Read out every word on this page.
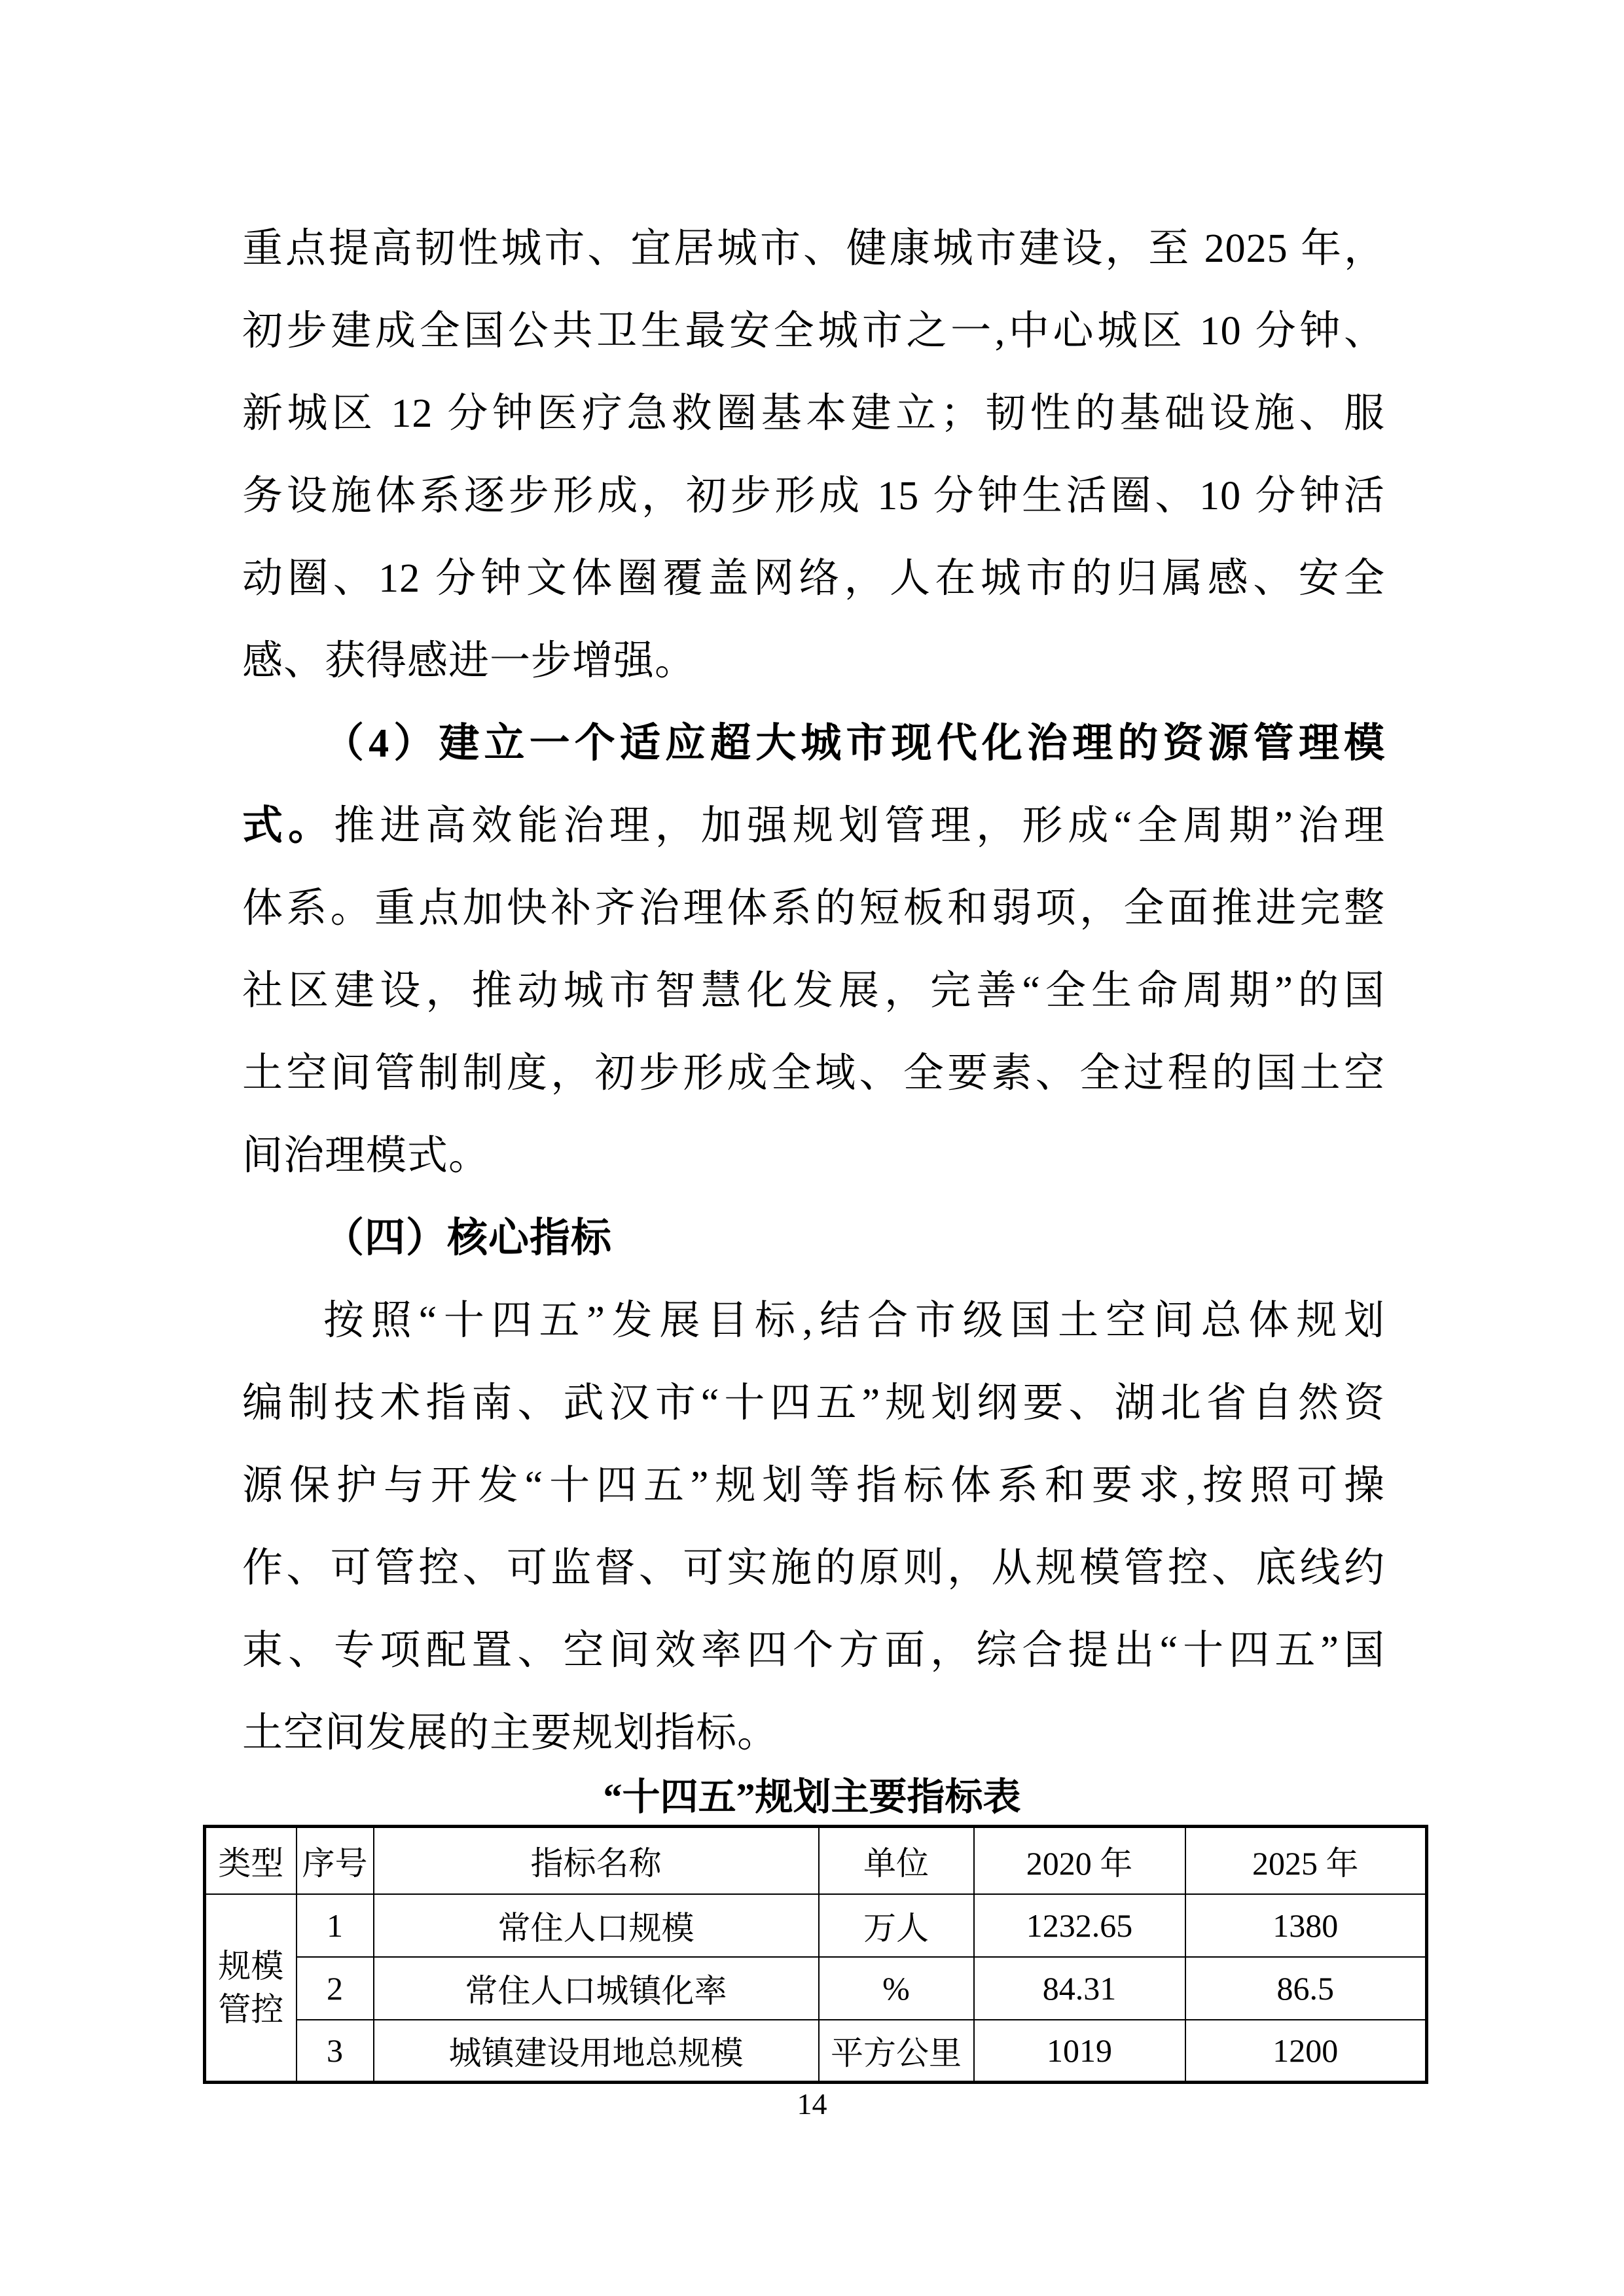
重点提高韧性城市、宜居城市、健康城市建设，至 2025 年，
初步建成全国公共卫生最安全城市之一,中心城区 10 分钟、
新城区 12 分钟医疗急救圈基本建立；韧性的基础设施、服
务设施体系逐步形成，初步形成 15 分钟生活圈、10 分钟活
动圈、12 分钟文体圈覆盖网络，人在城市的归属感、安全
感、获得感进一步增强。
（4）建立一个适应超大城市现代化治理的资源管理模
式。推进高效能治理，加强规划管理，形成“全周期”治理
体系。重点加快补齐治理体系的短板和弱项，全面推进完整
社区建设，推动城市智慧化发展，完善“全生命周期”的国
土空间管制制度，初步形成全域、全要素、全过程的国土空
间治理模式。
（四）核心指标
按照“十四五”发展目标,结合市级国土空间总体规划
编制技术指南、武汉市“十四五”规划纲要、湖北省自然资
源保护与开发“十四五”规划等指标体系和要求,按照可操
作、可管控、可监督、可实施的原则，从规模管控、底线约
束、专项配置、空间效率四个方面，综合提出“十四五”国
土空间发展的主要规划指标。
“十四五”规划主要指标表
类型	序号	指标名称	单位	2020 年	2025 年

规模
管控	1	常住人口规模	万人	1232.65	1380
	2	常住人口城镇化率	%	84.31	86.5
	3	城镇建设用地总规模	平方公里	1019	1200
14
